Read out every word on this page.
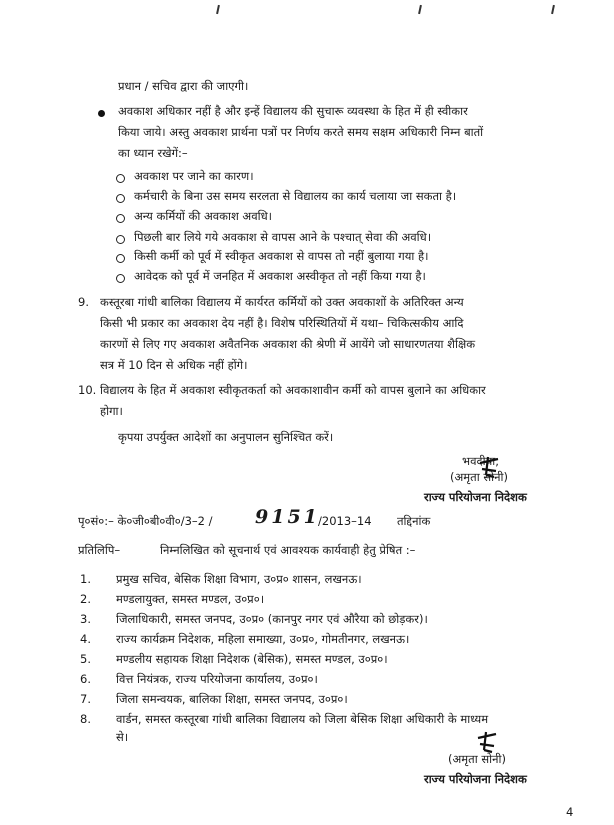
प्रधान / सचिव द्वारा की जाएगी।
अवकाश अधिकार नहीं है और इन्हें विद्यालय की सुचारू व्यवस्था के हित में ही स्वीकार
किया जाये। अस्तु अवकाश प्रार्थना पत्रों पर निर्णय करते समय सक्षम अधिकारी निम्न बातों
का ध्यान रखेगें:–
अवकाश पर जाने का कारण।
कर्मचारी के बिना उस समय सरलता से विद्यालय का कार्य चलाया जा सकता है।
अन्य कर्मियों की अवकाश अवधि।
पिछली बार लिये गये अवकाश से वापस आने के पश्चात् सेवा की अवधि।
किसी कर्मी को पूर्व में स्वीकृत अवकाश से वापस तो नहीं बुलाया गया है।
आवेदक को पूर्व में जनहित में अवकाश अस्वीकृत तो नहीं किया गया है।
9. कस्तूरबा गांधी बालिका विद्यालय में कार्यरत कर्मियों को उक्त अवकाशों के अतिरिक्त अन्य
किसी भी प्रकार का अवकाश देय नहीं है। विशेष परिस्थितियों में यथा– चिकित्सकीय आदि
कारणों से लिए गए अवकाश अवैतनिक अवकाश की श्रेणी में आयेंगे जो साधारणतया शैक्षिक
सत्र में 10 दिन से अधिक नहीं होंगे।
10. विद्यालय के हित में अवकाश स्वीकृतकर्ता को अवकाशावीन कर्मी को वापस बुलाने का अधिकार
होगा।
कृपया उपर्युक्त आदेशों का अनुपालन सुनिश्चित करें।
भवदीया,
(अमृता सोनी)
राज्य परियोजना निदेशक
पृ०सं०:– के०जी०बी०वी०/3–2 / 9151
/2013–14 तद्दिनांक
प्रतिलिपि–	निम्नलिखित को सूचनार्थ एवं आवश्यक कार्यवाही हेतु प्रेषित :–
1. प्रमुख सचिव, बेसिक शिक्षा विभाग, उ०प्र० शासन, लखनऊ।
2. मण्डलायुक्त, समस्त मण्डल, उ०प्र०।
3. जिलाधिकारी, समस्त जनपद, उ०प्र० (कानपुर नगर एवं औरैया को छोड़कर)।
4. राज्य कार्यक्रम निदेशक, महिला समाख्या, उ०प्र०, गोमतीनगर, लखनऊ।
5. मण्डलीय सहायक शिक्षा निदेशक (बेसिक), समस्त मण्डल, उ०प्र०।
6. वित्त नियंत्रक, राज्य परियोजना कार्यालय, उ०प्र०।
7. जिला समन्वयक, बालिका शिक्षा, समस्त जनपद, उ०प्र०।
8. वार्डन, समस्त कस्तूरबा गांधी बालिका विद्यालय को जिला बेसिक शिक्षा अधिकारी के माध्यम
से।
(अमृता सोनी)
राज्य परियोजना निदेशक
4
